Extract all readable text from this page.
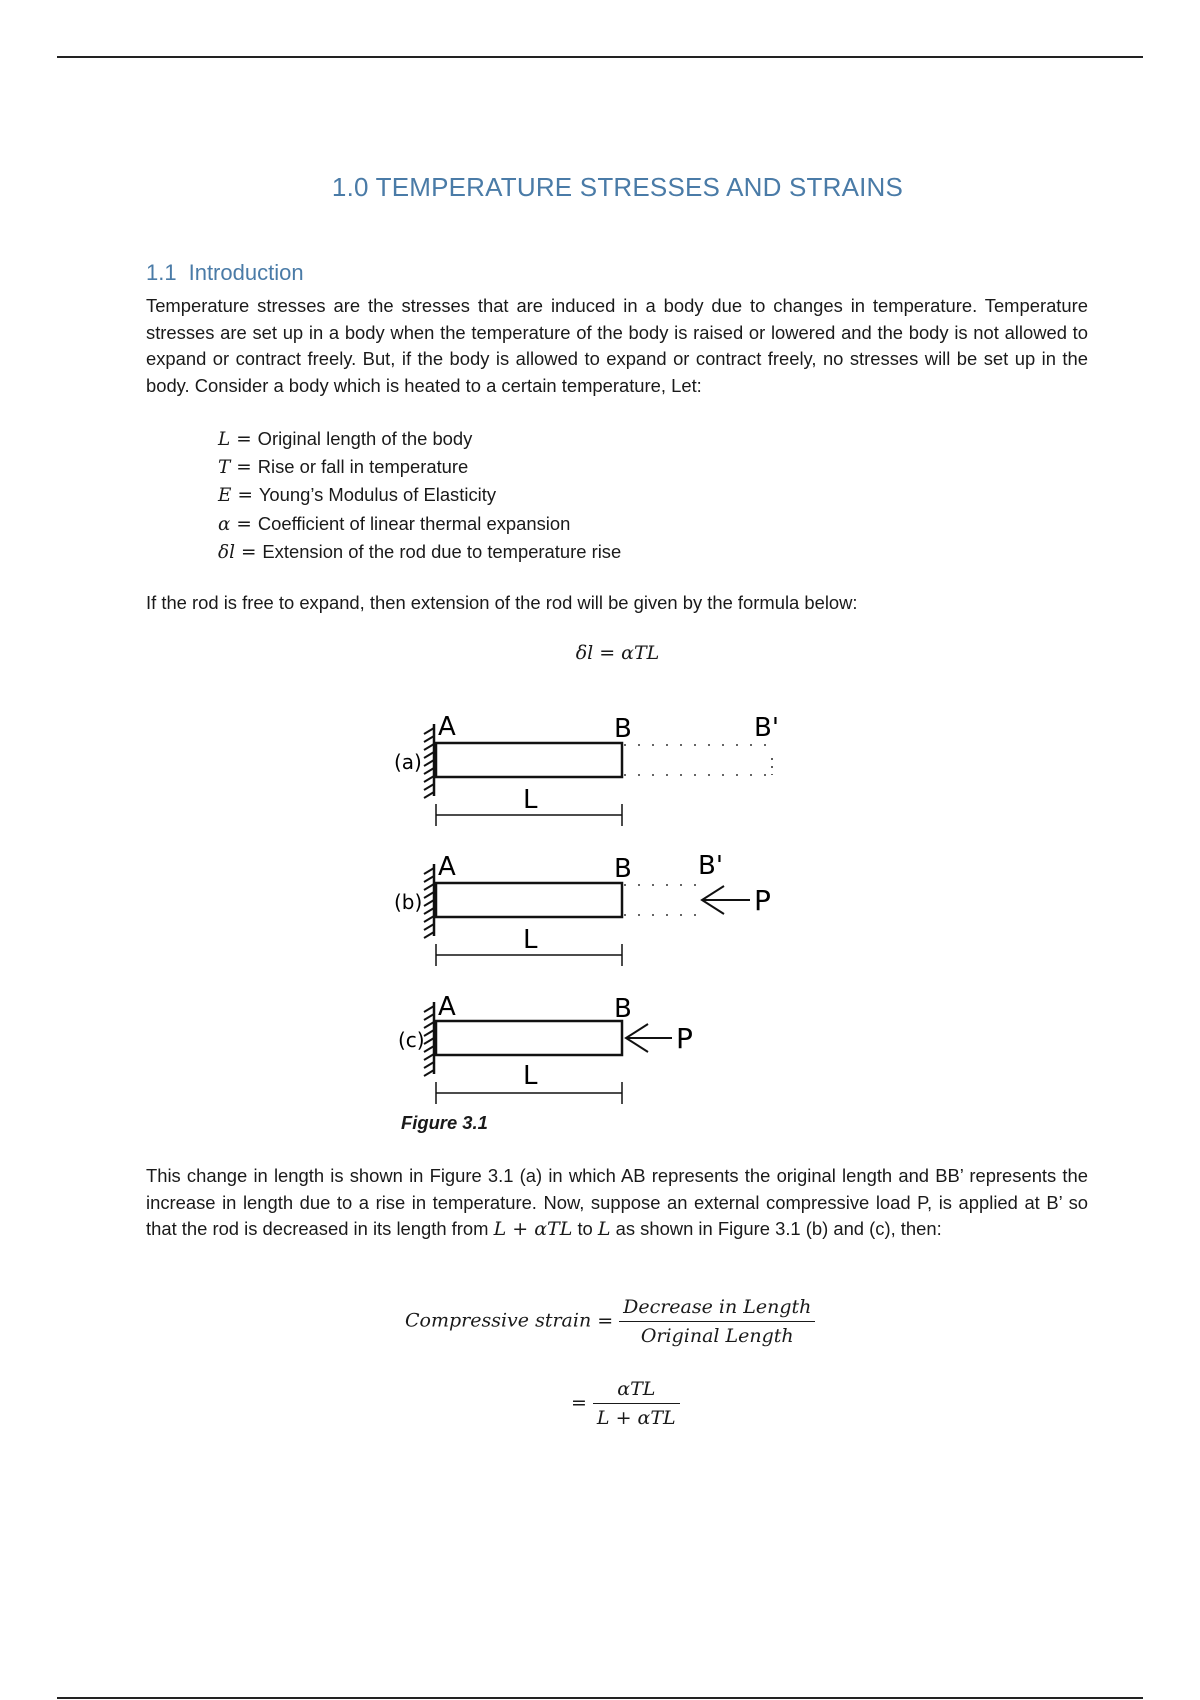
1.0 TEMPERATURE STRESSES AND STRAINS
1.1 Introduction
Temperature stresses are the stresses that are induced in a body due to changes in temperature. Temperature stresses are set up in a body when the temperature of the body is raised or lowered and the body is not allowed to expand or contract freely. But, if the body is allowed to expand or contract freely, no stresses will be set up in the body. Consider a body which is heated to a certain temperature, Let:
L = Original length of the body
T = Rise or fall in temperature
E = Young’s Modulus of Elasticity
α = Coefficient of linear thermal expansion
δl = Extension of the rod due to temperature rise
If the rod is free to expand, then extension of the rod will be given by the formula below:
δl = αTL
(a)
A	B	B'
L
(b)	P
A	B	B'
L
(c)	P
A	B
L
Figure 3.1
This change in length is shown in Figure 3.1 (a) in which AB represents the original length and BB’ represents the increase in length due to a rise in temperature. Now, suppose an external compressive load P, is applied at B’ so that the rod is decreased in its length from L + αTL to L as shown in Figure 3.1 (b) and (c), then:
Compressive strain = $\frac{\text{Decrease in Length}}{\text{Original Length}}$
= $\frac{\text{αTL}}{\text{L + αTL}}$
